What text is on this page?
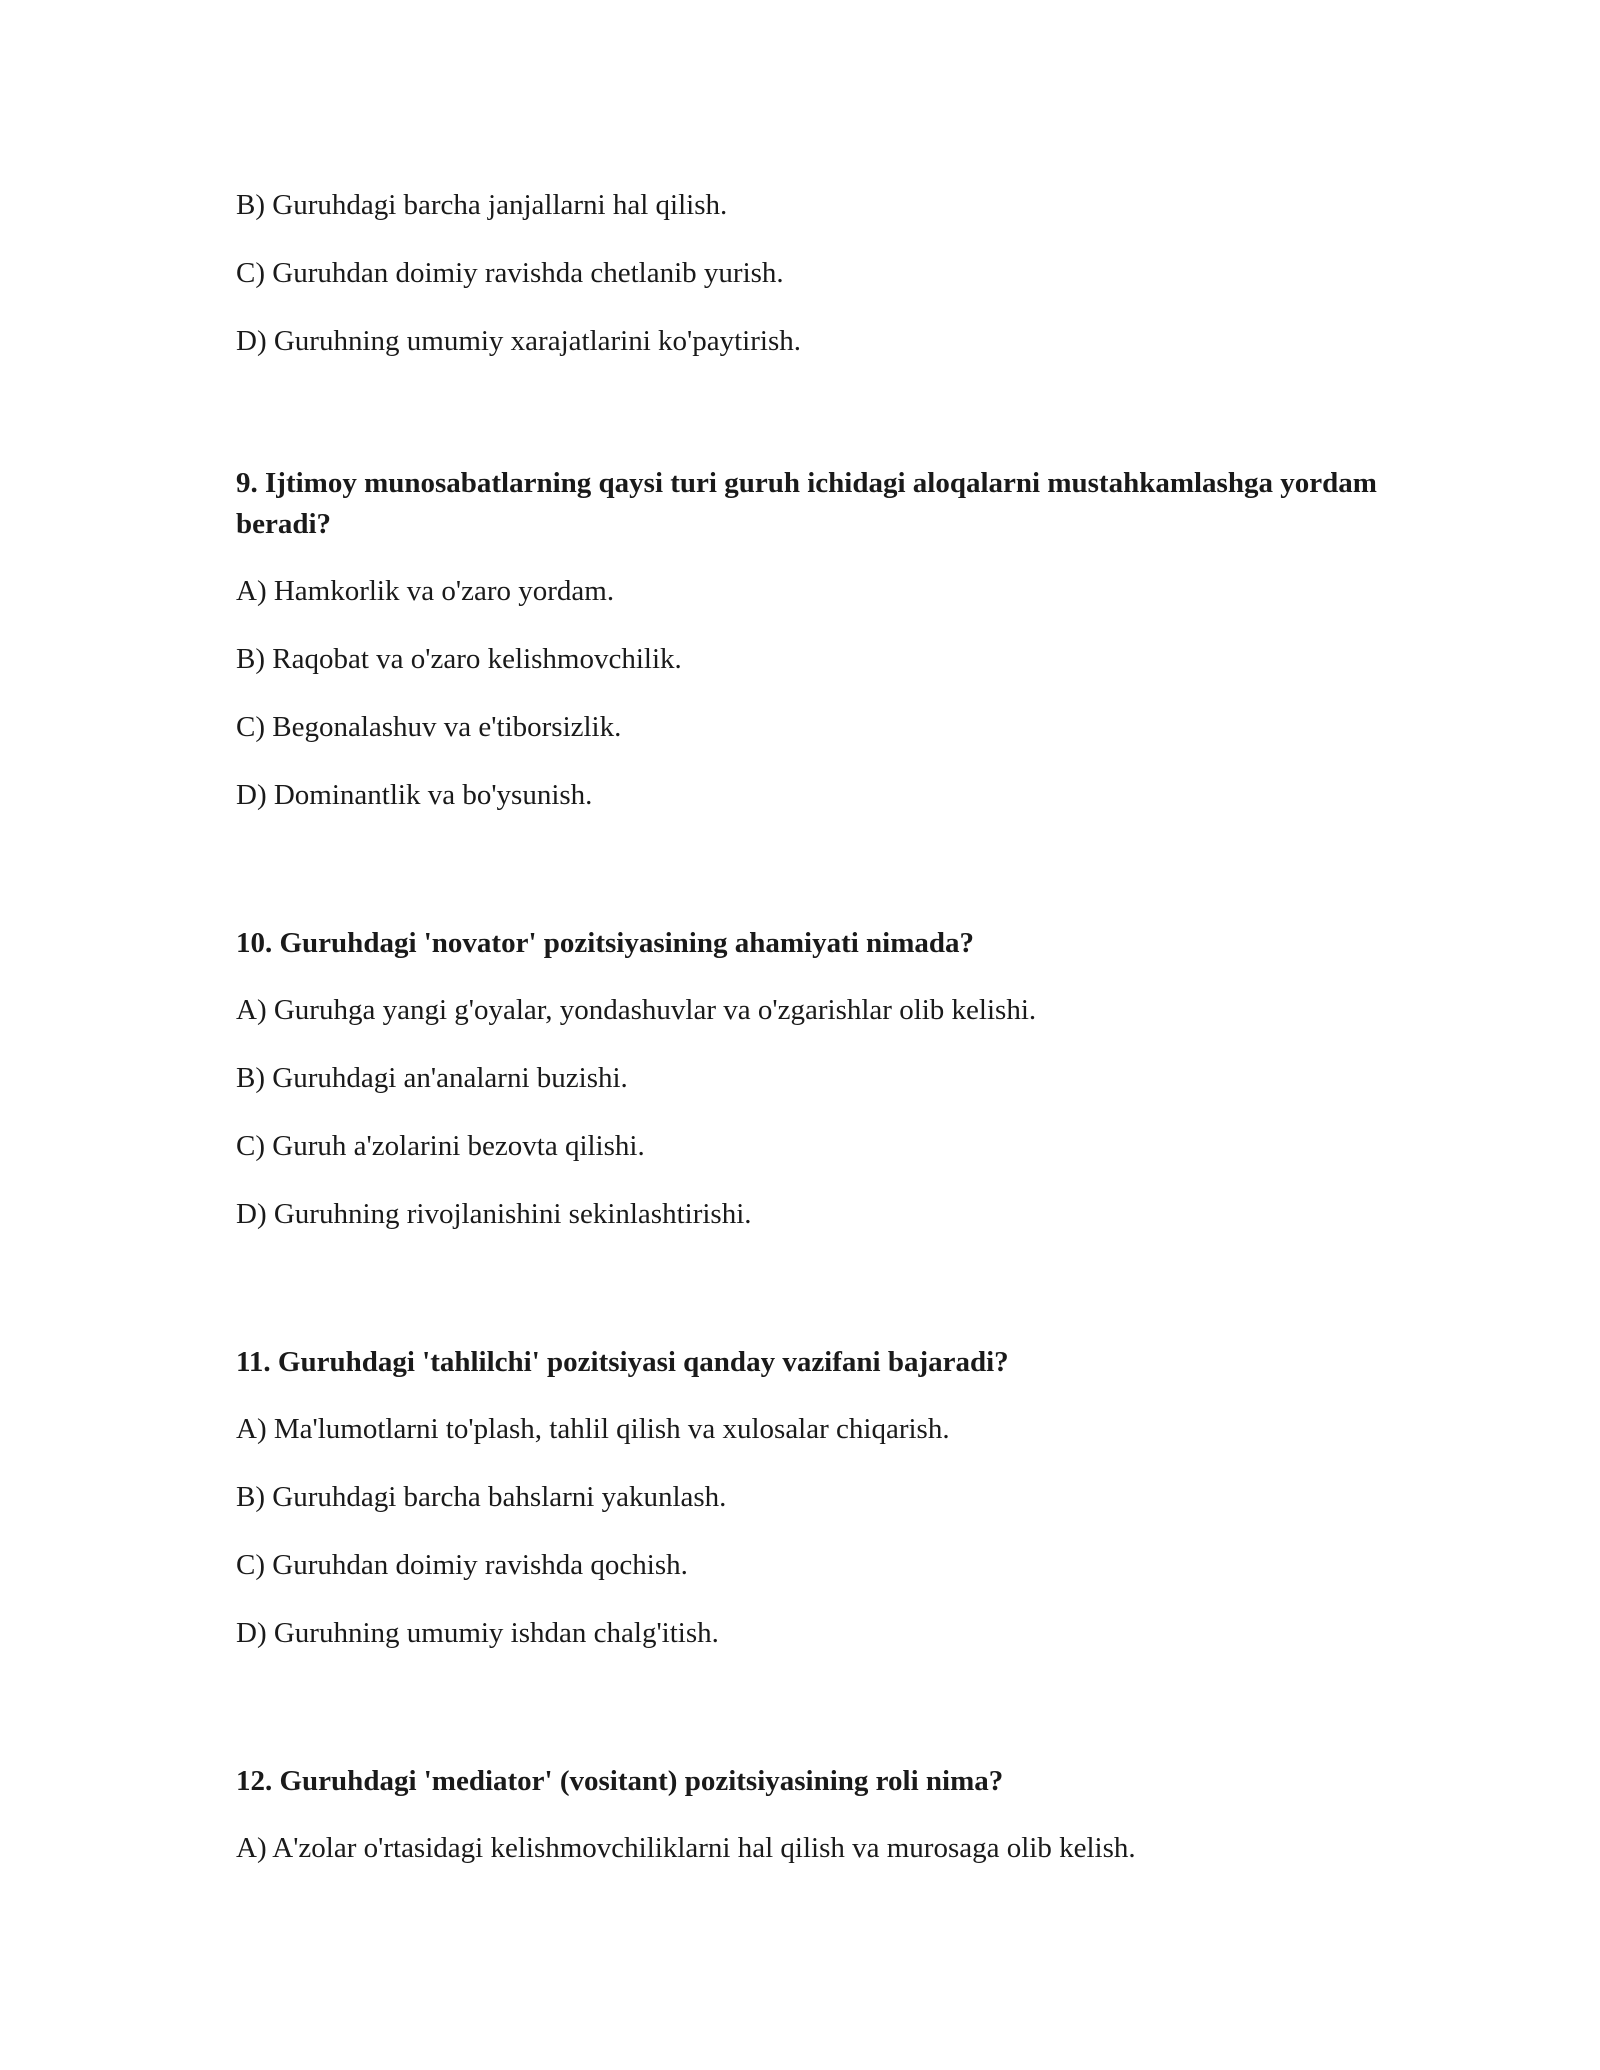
B) Guruhdagi barcha janjallarni hal qilish.

C) Guruhdan doimiy ravishda chetlanib yurish.

D) Guruhning umumiy xarajatlarini ko'paytirish.

9. Ijtimoy munosabatlarning qaysi turi guruh ichidagi aloqalarni mustahkamlashga yordam beradi?

A) Hamkorlik va o'zaro yordam.

B) Raqobat va o'zaro kelishmovchilik.

C) Begonalashuv va e'tiborsizlik.

D) Dominantlik va bo'ysunish.

10. Guruhdagi 'novator' pozitsiyasining ahamiyati nimada?

A) Guruhga yangi g'oyalar, yondashuvlar va o'zgarishlar olib kelishi.

B) Guruhdagi an'analarni buzishi.

C) Guruh a'zolarini bezovta qilishi.

D) Guruhning rivojlanishini sekinlashtirishi.

11. Guruhdagi 'tahlilchi' pozitsiyasi qanday vazifani bajaradi?

A) Ma'lumotlarni to'plash, tahlil qilish va xulosalar chiqarish.

B) Guruhdagi barcha bahslarni yakunlash.

C) Guruhdan doimiy ravishda qochish.

D) Guruhning umumiy ishdan chalg'itish.

12. Guruhdagi 'mediator' (vositant) pozitsiyasining roli nima?

A) A'zolar o'rtasidagi kelishmovchiliklarni hal qilish va murosaga olib kelish.
